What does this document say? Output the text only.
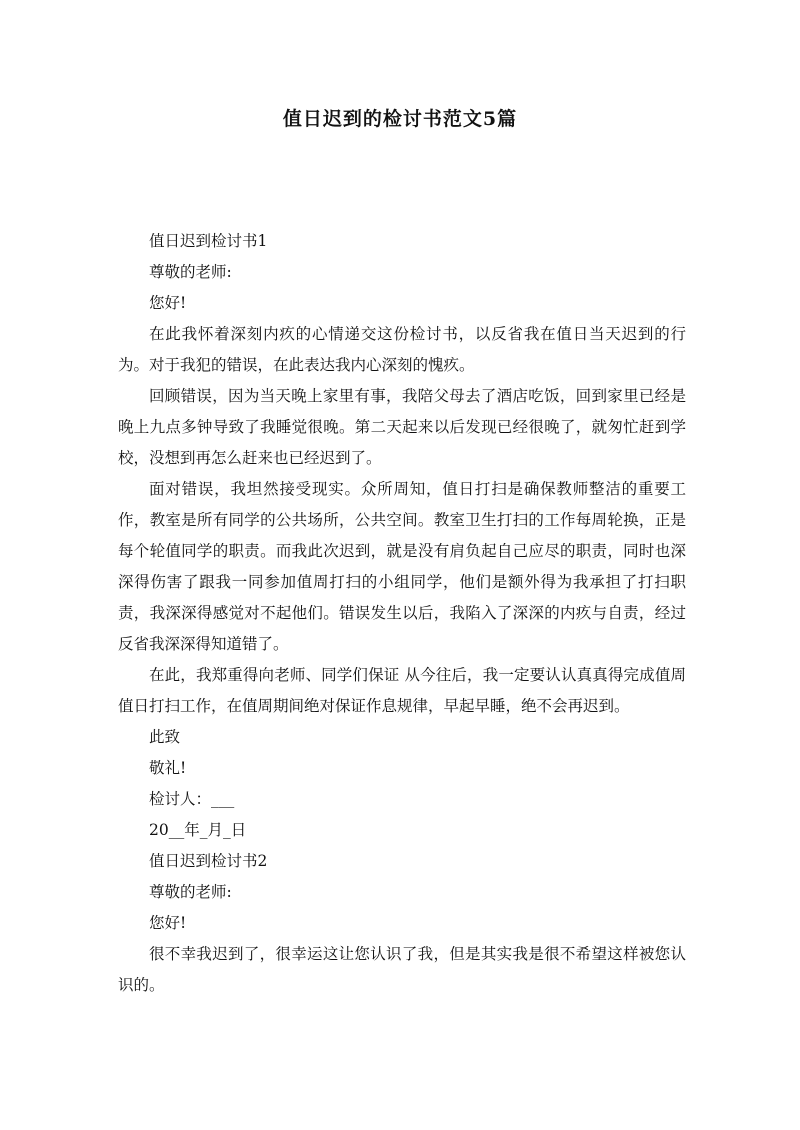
值日迟到的检讨书范文5篇

值日迟到检讨书1

尊敬的老师:

您好!

在此我怀着深刻内疚的心情递交这份检讨书，以反省我在值日当天迟到的行为。对于我犯的错误，在此表达我内心深刻的愧疚。

回顾错误，因为当天晚上家里有事，我陪父母去了酒店吃饭，回到家里已经是晚上九点多钟导致了我睡觉很晚。第二天起来以后发现已经很晚了，就匆忙赶到学校，没想到再怎么赶来也已经迟到了。

面对错误，我坦然接受现实。众所周知，值日打扫是确保教师整洁的重要工作，教室是所有同学的公共场所，公共空间。教室卫生打扫的工作每周轮换，正是每个轮值同学的职责。而我此次迟到，就是没有肩负起自己应尽的职责，同时也深深得伤害了跟我一同参加值周打扫的小组同学，他们是额外得为我承担了打扫职责，我深深得感觉对不起他们。错误发生以后，我陷入了深深的内疚与自责，经过反省我深深得知道错了。

在此，我郑重得向老师、同学们保证 从今往后，我一定要认认真真得完成值周值日打扫工作，在值周期间绝对保证作息规律，早起早睡，绝不会再迟到。

此致

敬礼!

检讨人：___

20__年_月_日

值日迟到检讨书2

尊敬的老师:

您好!

很不幸我迟到了，很幸运这让您认识了我，但是其实我是很不希望这样被您认识的。
